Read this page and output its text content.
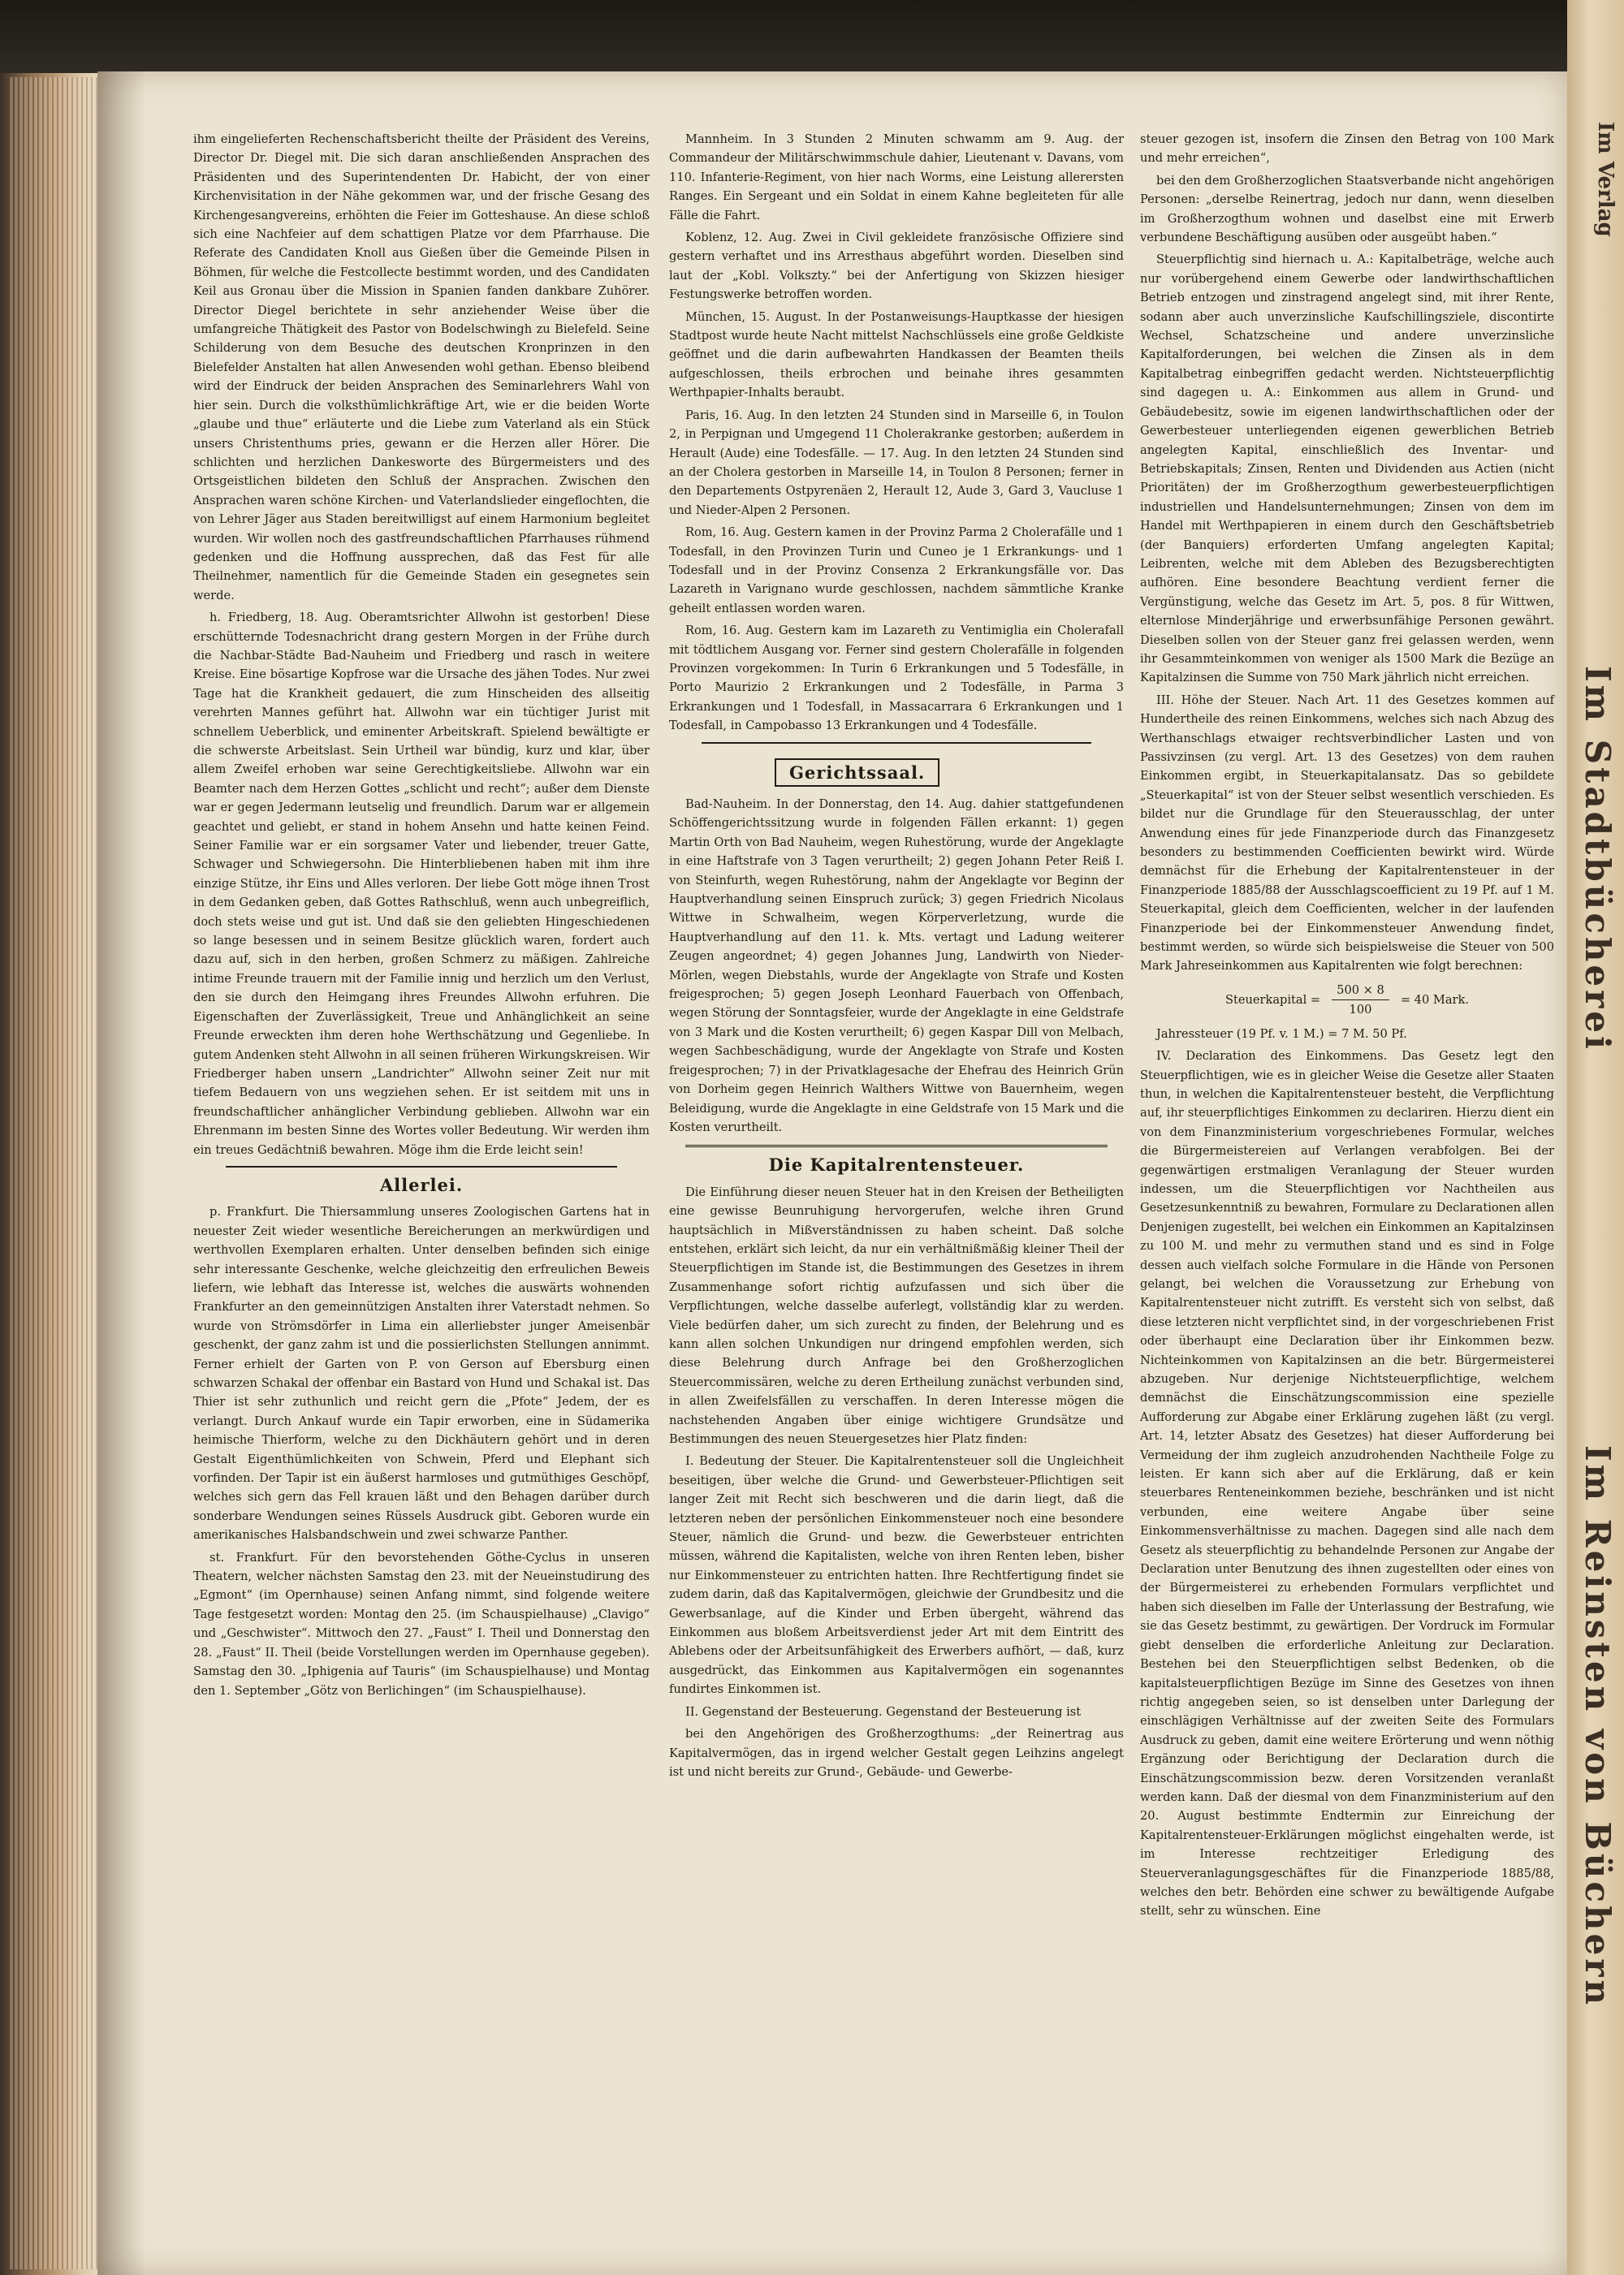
Im Verlag
Im Stadtbücherei
Im Reinsten von Büchern

ihm eingelieferten Rechenschaftsbericht theilte der Präsident des Vereins, Director Dr. Diegel mit. Die sich daran anschließenden Ansprachen des Präsidenten und des Superintendenten Dr. Habicht, der von einer Kirchenvisitation in der Nähe gekommen war, und der frische Gesang des Kirchengesangvereins, erhöhten die Feier im Gotteshause. An diese schloß sich eine Nachfeier auf dem schattigen Platze vor dem Pfarrhause. Die Referate des Candidaten Knoll aus Gießen über die Gemeinde Pilsen in Böhmen, für welche die Festcollecte bestimmt worden, und des Candidaten Keil aus Gronau über die Mission in Spanien fanden dankbare Zuhörer. Director Diegel berichtete in sehr anziehender Weise über die umfangreiche Thätigkeit des Pastor von Bodelschwingh zu Bielefeld. Seine Schilderung von dem Besuche des deutschen Kronprinzen in den Bielefelder Anstalten hat allen Anwesenden wohl gethan. Ebenso bleibend wird der Eindruck der beiden Ansprachen des Seminarlehrers Wahl von hier sein. Durch die volksthümlichkräftige Art, wie er die beiden Worte „glaube und thue“ erläuterte und die Liebe zum Vaterland als ein Stück unsers Christenthums pries, gewann er die Herzen aller Hörer. Die schlichten und herzlichen Dankesworte des Bürgermeisters und des Ortsgeistlichen bildeten den Schluß der Ansprachen. Zwischen den Ansprachen waren schöne Kirchen- und Vaterlandslieder eingeflochten, die von Lehrer Jäger aus Staden bereitwilligst auf einem Harmonium begleitet wurden. Wir wollen noch des gastfreundschaftlichen Pfarrhauses rühmend gedenken und die Hoffnung aussprechen, daß das Fest für alle Theilnehmer, namentlich für die Gemeinde Staden ein gesegnetes sein werde.

h. Friedberg, 18. Aug. Oberamtsrichter Allwohn ist gestorben! Diese erschütternde Todesnachricht drang gestern Morgen in der Frühe durch die Nachbar-Städte Bad-Nauheim und Friedberg und rasch in weitere Kreise. Eine bösartige Kopfrose war die Ursache des jähen Todes. Nur zwei Tage hat die Krankheit gedauert, die zum Hinscheiden des allseitig verehrten Mannes geführt hat. Allwohn war ein tüchtiger Jurist mit schnellem Ueberblick, und eminenter Arbeitskraft. Spielend bewältigte er die schwerste Arbeitslast. Sein Urtheil war bündig, kurz und klar, über allem Zweifel erhoben war seine Gerechtigkeitsliebe. Allwohn war ein Beamter nach dem Herzen Gottes „schlicht und recht“; außer dem Dienste war er gegen Jedermann leutselig und freundlich. Darum war er allgemein geachtet und geliebt, er stand in hohem Ansehn und hatte keinen Feind. Seiner Familie war er ein sorgsamer Vater und liebender, treuer Gatte, Schwager und Schwiegersohn. Die Hinterbliebenen haben mit ihm ihre einzige Stütze, ihr Eins und Alles verloren. Der liebe Gott möge ihnen Trost in dem Gedanken geben, daß Gottes Rathschluß, wenn auch unbegreiflich, doch stets weise und gut ist. Und daß sie den geliebten Hingeschiedenen so lange besessen und in seinem Besitze glücklich waren, fordert auch dazu auf, sich in den herben, großen Schmerz zu mäßigen. Zahlreiche intime Freunde trauern mit der Familie innig und herzlich um den Verlust, den sie durch den Heimgang ihres Freundes Allwohn erfuhren. Die Eigenschaften der Zuverlässigkeit, Treue und Anhänglichkeit an seine Freunde erweckten ihm deren hohe Werthschätzung und Gegenliebe. In gutem Andenken steht Allwohn in all seinen früheren Wirkungskreisen. Wir Friedberger haben unsern „Landrichter“ Allwohn seiner Zeit nur mit tiefem Bedauern von uns wegziehen sehen. Er ist seitdem mit uns in freundschaftlicher anhänglicher Verbindung geblieben. Allwohn war ein Ehrenmann im besten Sinne des Wortes voller Bedeutung. Wir werden ihm ein treues Gedächtniß bewahren. Möge ihm die Erde leicht sein!

Allerlei.

p. Frankfurt. Die Thiersammlung unseres Zoologischen Gartens hat in neuester Zeit wieder wesentliche Bereicherungen an merkwürdigen und werthvollen Exemplaren erhalten. Unter denselben befinden sich einige sehr interessante Geschenke, welche gleichzeitig den erfreulichen Beweis liefern, wie lebhaft das Interesse ist, welches die auswärts wohnenden Frankfurter an den gemeinnützigen Anstalten ihrer Vaterstadt nehmen. So wurde von Strömsdörfer in Lima ein allerliebster junger Ameisenbär geschenkt, der ganz zahm ist und die possierlichsten Stellungen annimmt. Ferner erhielt der Garten von P. von Gerson auf Ebersburg einen schwarzen Schakal der offenbar ein Bastard von Hund und Schakal ist. Das Thier ist sehr zuthunlich und reicht gern die „Pfote“ Jedem, der es verlangt. Durch Ankauf wurde ein Tapir erworben, eine in Südamerika heimische Thierform, welche zu den Dickhäutern gehört und in deren Gestalt Eigenthümlichkeiten von Schwein, Pferd und Elephant sich vorfinden. Der Tapir ist ein äußerst harmloses und gutmüthiges Geschöpf, welches sich gern das Fell krauen läßt und den Behagen darüber durch sonderbare Wendungen seines Rüssels Ausdruck gibt. Geboren wurde ein amerikanisches Halsbandschwein und zwei schwarze Panther.

st. Frankfurt. Für den bevorstehenden Göthe-Cyclus in unseren Theatern, welcher nächsten Samstag den 23. mit der Neueinstudirung des „Egmont“ (im Opernhause) seinen Anfang nimmt, sind folgende weitere Tage festgesetzt worden: Montag den 25. (im Schauspielhause) „Clavigo“ und „Geschwister“. Mittwoch den 27. „Faust“ I. Theil und Donnerstag den 28. „Faust“ II. Theil (beide Vorstellungen werden im Opernhause gegeben). Samstag den 30. „Iphigenia auf Tauris“ (im Schauspielhause) und Montag den 1. September „Götz von Berlichingen“ (im Schauspielhause).

Mannheim. In 3 Stunden 2 Minuten schwamm am 9. Aug. der Commandeur der Militärschwimmschule dahier, Lieutenant v. Davans, vom 110. Infanterie-Regiment, von hier nach Worms, eine Leistung allerersten Ranges. Ein Sergeant und ein Soldat in einem Kahne begleiteten für alle Fälle die Fahrt.

Koblenz, 12. Aug. Zwei in Civil gekleidete französische Offiziere sind gestern verhaftet und ins Arresthaus abgeführt worden. Dieselben sind laut der „Kobl. Volkszty.“ bei der Anfertigung von Skizzen hiesiger Festungswerke betroffen worden.

München, 15. August. In der Postanweisungs-Hauptkasse der hiesigen Stadtpost wurde heute Nacht mittelst Nachschlüssels eine große Geldkiste geöffnet und die darin aufbewahrten Handkassen der Beamten theils aufgeschlossen, theils erbrochen und beinahe ihres gesammten Werthpapier-Inhalts beraubt.

Paris, 16. Aug. In den letzten 24 Stunden sind in Marseille 6, in Toulon 2, in Perpignan und Umgegend 11 Cholerakranke gestorben; außerdem in Herault (Aude) eine Todesfälle. — 17. Aug. In den letzten 24 Stunden sind an der Cholera gestorben in Marseille 14, in Toulon 8 Personen; ferner in den Departements Ostpyrenäen 2, Herault 12, Aude 3, Gard 3, Vaucluse 1 und Nieder-Alpen 2 Personen.

Rom, 16. Aug. Gestern kamen in der Provinz Parma 2 Cholerafälle und 1 Todesfall, in den Provinzen Turin und Cuneo je 1 Erkrankungs- und 1 Todesfall und in der Provinz Consenza 2 Erkrankungsfälle vor. Das Lazareth in Varignano wurde geschlossen, nachdem sämmtliche Kranke geheilt entlassen worden waren.

Rom, 16. Aug. Gestern kam im Lazareth zu Ventimiglia ein Cholerafall mit tödtlichem Ausgang vor. Ferner sind gestern Cholerafälle in folgenden Provinzen vorgekommen: In Turin 6 Erkrankungen und 5 Todesfälle, in Porto Maurizio 2 Erkrankungen und 2 Todesfälle, in Parma 3 Erkrankungen und 1 Todesfall, in Massacarrara 6 Erkrankungen und 1 Todesfall, in Campobasso 13 Erkrankungen und 4 Todesfälle.

Gerichtssaal.

Bad-Nauheim. In der Donnerstag, den 14. Aug. dahier stattgefundenen Schöffengerichtssitzung wurde in folgenden Fällen erkannt: 1) gegen Martin Orth von Bad Nauheim, wegen Ruhestörung, wurde der Angeklagte in eine Haftstrafe von 3 Tagen verurtheilt; 2) gegen Johann Peter Reiß I. von Steinfurth, wegen Ruhestörung, nahm der Angeklagte vor Beginn der Hauptverhandlung seinen Einspruch zurück; 3) gegen Friedrich Nicolaus Wittwe in Schwalheim, wegen Körperverletzung, wurde die Hauptverhandlung auf den 11. k. Mts. vertagt und Ladung weiterer Zeugen angeordnet; 4) gegen Johannes Jung, Landwirth von Nieder-Mörlen, wegen Diebstahls, wurde der Angeklagte von Strafe und Kosten freigesprochen; 5) gegen Joseph Leonhard Fauerbach von Offenbach, wegen Störung der Sonntagsfeier, wurde der Angeklagte in eine Geldstrafe von 3 Mark und die Kosten verurtheilt; 6) gegen Kaspar Dill von Melbach, wegen Sachbeschädigung, wurde der Angeklagte von Strafe und Kosten freigesprochen; 7) in der Privatklagesache der Ehefrau des Heinrich Grün von Dorheim gegen Heinrich Walthers Wittwe von Bauernheim, wegen Beleidigung, wurde die Angeklagte in eine Geldstrafe von 15 Mark und die Kosten verurtheilt.

Die Kapitalrentensteuer.

Die Einführung dieser neuen Steuer hat in den Kreisen der Betheiligten eine gewisse Beunruhigung hervorgerufen, welche ihren Grund hauptsächlich in Mißverständnissen zu haben scheint. Daß solche entstehen, erklärt sich leicht, da nur ein verhältnißmäßig kleiner Theil der Steuerpflichtigen im Stande ist, die Bestimmungen des Gesetzes in ihrem Zusammenhange sofort richtig aufzufassen und sich über die Verpflichtungen, welche dasselbe auferlegt, vollständig klar zu werden. Viele bedürfen daher, um sich zurecht zu finden, der Belehrung und es kann allen solchen Unkundigen nur dringend empfohlen werden, sich diese Belehrung durch Anfrage bei den Großherzoglichen Steuercommissären, welche zu deren Ertheilung zunächst verbunden sind, in allen Zweifelsfällen zu verschaffen. In deren Interesse mögen die nachstehenden Angaben über einige wichtigere Grundsätze und Bestimmungen des neuen Steuergesetzes hier Platz finden:

I. Bedeutung der Steuer. Die Kapitalrentensteuer soll die Ungleichheit beseitigen, über welche die Grund- und Gewerbsteuer-Pflichtigen seit langer Zeit mit Recht sich beschweren und die darin liegt, daß die letzteren neben der persönlichen Einkommensteuer noch eine besondere Steuer, nämlich die Grund- und bezw. die Gewerbsteuer entrichten müssen, während die Kapitalisten, welche von ihren Renten leben, bisher nur Einkommensteuer zu entrichten hatten. Ihre Rechtfertigung findet sie zudem darin, daß das Kapitalvermögen, gleichwie der Grundbesitz und die Gewerbsanlage, auf die Kinder und Erben übergeht, während das Einkommen aus bloßem Arbeitsverdienst jeder Art mit dem Eintritt des Ablebens oder der Arbeitsunfähigkeit des Erwerbers aufhört, — daß, kurz ausgedrückt, das Einkommen aus Kapitalvermögen ein sogenanntes fundirtes Einkommen ist.

II. Gegenstand der Besteuerung. Gegenstand der Besteuerung ist

bei den Angehörigen des Großherzogthums: „der Reinertrag aus Kapitalvermögen, das in irgend welcher Gestalt gegen Leihzins angelegt ist und nicht bereits zur Grund-, Gebäude- und Gewerbe-

steuer gezogen ist, insofern die Zinsen den Betrag von 100 Mark und mehr erreichen“,

bei den dem Großherzoglichen Staatsverbande nicht angehörigen Personen: „derselbe Reinertrag, jedoch nur dann, wenn dieselben im Großherzogthum wohnen und daselbst eine mit Erwerb verbundene Beschäftigung ausüben oder ausgeübt haben.“

Steuerpflichtig sind hiernach u. A.: Kapitalbeträge, welche auch nur vorübergehend einem Gewerbe oder landwirthschaftlichen Betrieb entzogen und zinstragend angelegt sind, mit ihrer Rente, sodann aber auch unverzinsliche Kaufschillingsziele, discontirte Wechsel, Schatzscheine und andere unverzinsliche Kapitalforderungen, bei welchen die Zinsen als in dem Kapitalbetrag einbegriffen gedacht werden. Nichtsteuerpflichtig sind dagegen u. A.: Einkommen aus allem in Grund- und Gebäudebesitz, sowie im eigenen landwirthschaftlichen oder der Gewerbesteuer unterliegenden eigenen gewerblichen Betrieb angelegten Kapital, einschließlich des Inventar- und Betriebskapitals; Zinsen, Renten und Dividenden aus Actien (nicht Prioritäten) der im Großherzogthum gewerbesteuerpflichtigen industriellen und Handelsunternehmungen; Zinsen von dem im Handel mit Werthpapieren in einem durch den Geschäftsbetrieb (der Banquiers) erforderten Umfang angelegten Kapital; Leibrenten, welche mit dem Ableben des Bezugsberechtigten aufhören. Eine besondere Beachtung verdient ferner die Vergünstigung, welche das Gesetz im Art. 5, pos. 8 für Wittwen, elternlose Minderjährige und erwerbsunfähige Personen gewährt. Dieselben sollen von der Steuer ganz frei gelassen werden, wenn ihr Gesammteinkommen von weniger als 1500 Mark die Bezüge an Kapitalzinsen die Summe von 750 Mark jährlich nicht erreichen.

III. Höhe der Steuer. Nach Art. 11 des Gesetzes kommen auf Hundertheile des reinen Einkommens, welches sich nach Abzug des Werthanschlags etwaiger rechtsverbindlicher Lasten und von Passivzinsen (zu vergl. Art. 13 des Gesetzes) von dem rauhen Einkommen ergibt, in Steuerkapitalansatz. Das so gebildete „Steuerkapital“ ist von der Steuer selbst wesentlich verschieden. Es bildet nur die Grundlage für den Steuerausschlag, der unter Anwendung eines für jede Finanzperiode durch das Finanzgesetz besonders zu bestimmenden Coefficienten bewirkt wird. Würde demnächst für die Erhebung der Kapitalrentensteuer in der Finanzperiode 1885/88 der Ausschlagscoefficient zu 19 Pf. auf 1 M. Steuerkapital, gleich dem Coefficienten, welcher in der laufenden Finanzperiode bei der Einkommensteuer Anwendung findet, bestimmt werden, so würde sich beispielsweise die Steuer von 500 Mark Jahreseinkommen aus Kapitalrenten wie folgt berechnen:

Steuerkapital = $\frac{500 \times 8}{100} = 40$ Mark.

Jahressteuer (19 Pf. v. 1 M.) = 7 M. 50 Pf.

IV. Declaration des Einkommens. Das Gesetz legt den Steuerpflichtigen, wie es in gleicher Weise die Gesetze aller Staaten thun, in welchen die Kapitalrentensteuer besteht, die Verpflichtung auf, ihr steuerpflichtiges Einkommen zu declariren. Hierzu dient ein von dem Finanzministerium vorgeschriebenes Formular, welches die Bürgermeistereien auf Verlangen verabfolgen. Bei der gegenwärtigen erstmaligen Veranlagung der Steuer wurden indessen, um die Steuerpflichtigen vor Nachtheilen aus Gesetzesunkenntniß zu bewahren, Formulare zu Declarationen allen Denjenigen zugestellt, bei welchen ein Einkommen an Kapitalzinsen zu 100 M. und mehr zu vermuthen stand und es sind in Folge dessen auch vielfach solche Formulare in die Hände von Personen gelangt, bei welchen die Voraussetzung zur Erhebung von Kapitalrentensteuer nicht zutrifft. Es versteht sich von selbst, daß diese letzteren nicht verpflichtet sind, in der vorgeschriebenen Frist oder überhaupt eine Declaration über ihr Einkommen bezw. Nichteinkommen von Kapitalzinsen an die betr. Bürgermeisterei abzugeben. Nur derjenige Nichtsteuerpflichtige, welchem demnächst die Einschätzungscommission eine spezielle Aufforderung zur Abgabe einer Erklärung zugehen läßt (zu vergl. Art. 14, letzter Absatz des Gesetzes) hat dieser Aufforderung bei Vermeidung der ihm zugleich anzudrohenden Nachtheile Folge zu leisten. Er kann sich aber auf die Erklärung, daß er kein steuerbares Renteneinkommen beziehe, beschränken und ist nicht verbunden, eine weitere Angabe über seine Einkommensverhältnisse zu machen. Dagegen sind alle nach dem Gesetz als steuerpflichtig zu behandelnde Personen zur Angabe der Declaration unter Benutzung des ihnen zugestellten oder eines von der Bürgermeisterei zu erhebenden Formulars verpflichtet und haben sich dieselben im Falle der Unterlassung der Bestrafung, wie sie das Gesetz bestimmt, zu gewärtigen. Der Vordruck im Formular giebt denselben die erforderliche Anleitung zur Declaration. Bestehen bei den Steuerpflichtigen selbst Bedenken, ob die kapitalsteuerpflichtigen Bezüge im Sinne des Gesetzes von ihnen richtig angegeben seien, so ist denselben unter Darlegung der einschlägigen Verhältnisse auf der zweiten Seite des Formulars Ausdruck zu geben, damit eine weitere Erörterung und wenn nöthig Ergänzung oder Berichtigung der Declaration durch die Einschätzungscommission bezw. deren Vorsitzenden veranlaßt werden kann. Daß der diesmal von dem Finanzministerium auf den 20. August bestimmte Endtermin zur Einreichung der Kapitalrentensteuer-Erklärungen möglichst eingehalten werde, ist im Interesse rechtzeitiger Erledigung des Steuerveranlagungsgeschäftes für die Finanzperiode 1885/88, welches den betr. Behörden eine schwer zu bewältigende Aufgabe stellt, sehr zu wünschen. Eine
